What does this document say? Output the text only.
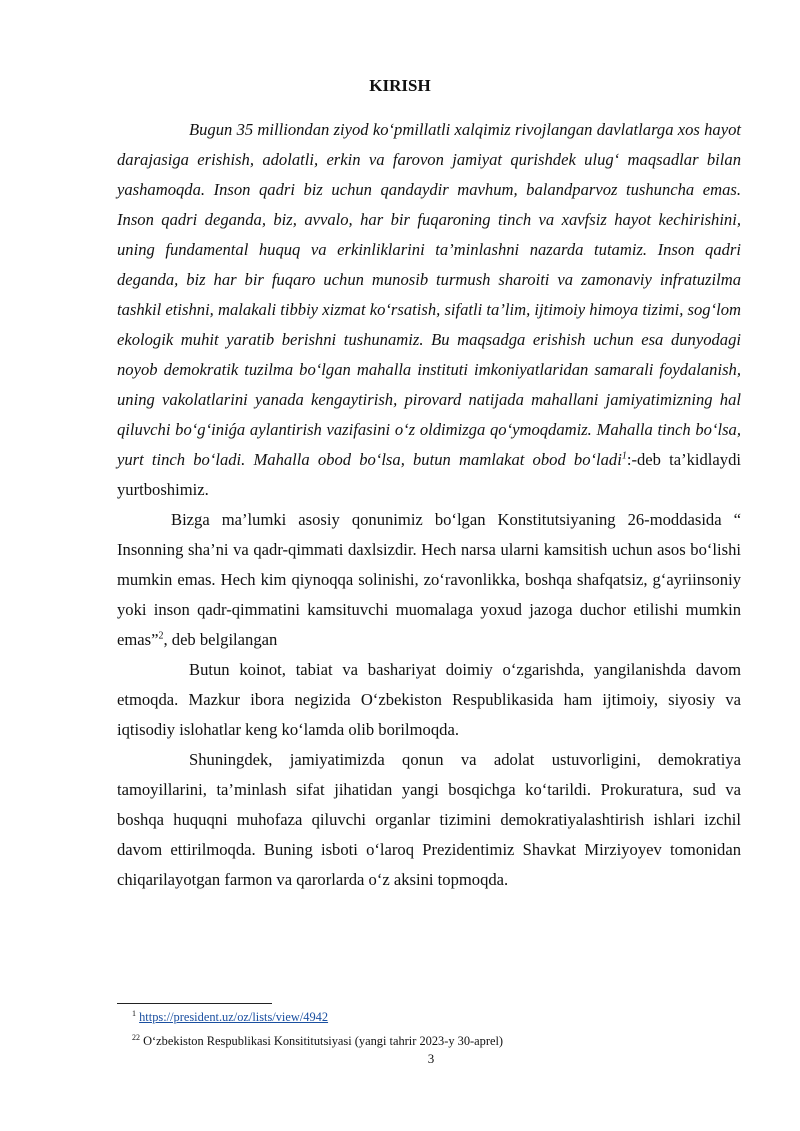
KIRISH

Bugun 35 milliondan ziyod ko‘pmillatli xalqimiz rivojlangan davlatlarga xos hayot darajasiga erishish, adolatli, erkin va farovon jamiyat qurishdek ulug‘ maqsadlar bilan yashamoqda. Inson qadri biz uchun qandaydir mavhum, balandparvoz tushuncha emas. Inson qadri deganda, biz, avvalo, har bir fuqaroning tinch va xavfsiz hayot kechirishini, uning fundamental huquq va erkinliklarini ta’minlashni nazarda tutamiz. Inson qadri deganda, biz har bir fuqaro uchun munosib turmush sharoiti va zamonaviy infratuzilma tashkil etishni, malakali tibbiy xizmat ko‘rsatish, sifatli ta’lim, ijtimoiy himoya tizimi, sog‘lom ekologik muhit yaratib berishni tushunamiz. Bu maqsadga erishish uchun esa dunyodagi noyob demokratik tuzilma bo‘lgan mahalla instituti imkoniyatlaridan samarali foydalanish, uning vakolatlarini yanada kengaytirish, pirovard natijada mahallani jamiyatimizning hal qiluvchi bo‘g‘iniǵa aylantirish vazifasini o‘z oldimizga qo‘ymoqdamiz. Mahalla tinch bo‘lsa, yurt tinch bo‘ladi. Mahalla obod bo‘lsa, butun mamlakat obod bo‘ladi$^1$:-deb ta’kidlaydi yurtboshimiz.

Bizga ma’lumki asosiy qonunimiz bo‘lgan Konstitutsiyaning 26-moddasida “ Insonning sha’ni va qadr-qimmati daxlsizdir. Hech narsa ularni kamsitish uchun asos bo‘lishi mumkin emas. Hech kim qiynoqqa solinishi, zo‘ravonlikka, boshqa shafqatsiz, g‘ayriinsoniy yoki inson qadr-qimmatini kamsituvchi muomalaga yoxud jazoga duchor etilishi mumkin emas”$^2$, deb belgilangan

Butun koinot, tabiat va bashariyat doimiy o‘zgarishda, yangilanishda davom etmoqda. Mazkur ibora negizida O‘zbekiston Respublikasida ham ijtimoiy, siyosiy va iqtisodiy islohatlar keng ko‘lamda olib borilmoqda.

Shuningdek, jamiyatimizda qonun va adolat ustuvorligini, demokratiya tamoyillarini, ta’minlash sifat jihatidan yangi bosqichga ko‘tarildi. Prokuratura, sud va boshqa huquqni muhofaza qiluvchi organlar tizimini demokratiyalashtirish ishlari izchil davom ettirilmoqda. Buning isboti o‘laroq Prezidentimiz Shavkat Mirziyoyev tomonidan chiqarilayotgan farmon va qarorlarda o‘z aksini topmoqda.

$^1$ https://president.uz/oz/lists/view/4942
$^{22}$ O‘zbekiston Respublikasi Konsititutsiyasi (yangi tahrir 2023-y 30-aprel)
3
